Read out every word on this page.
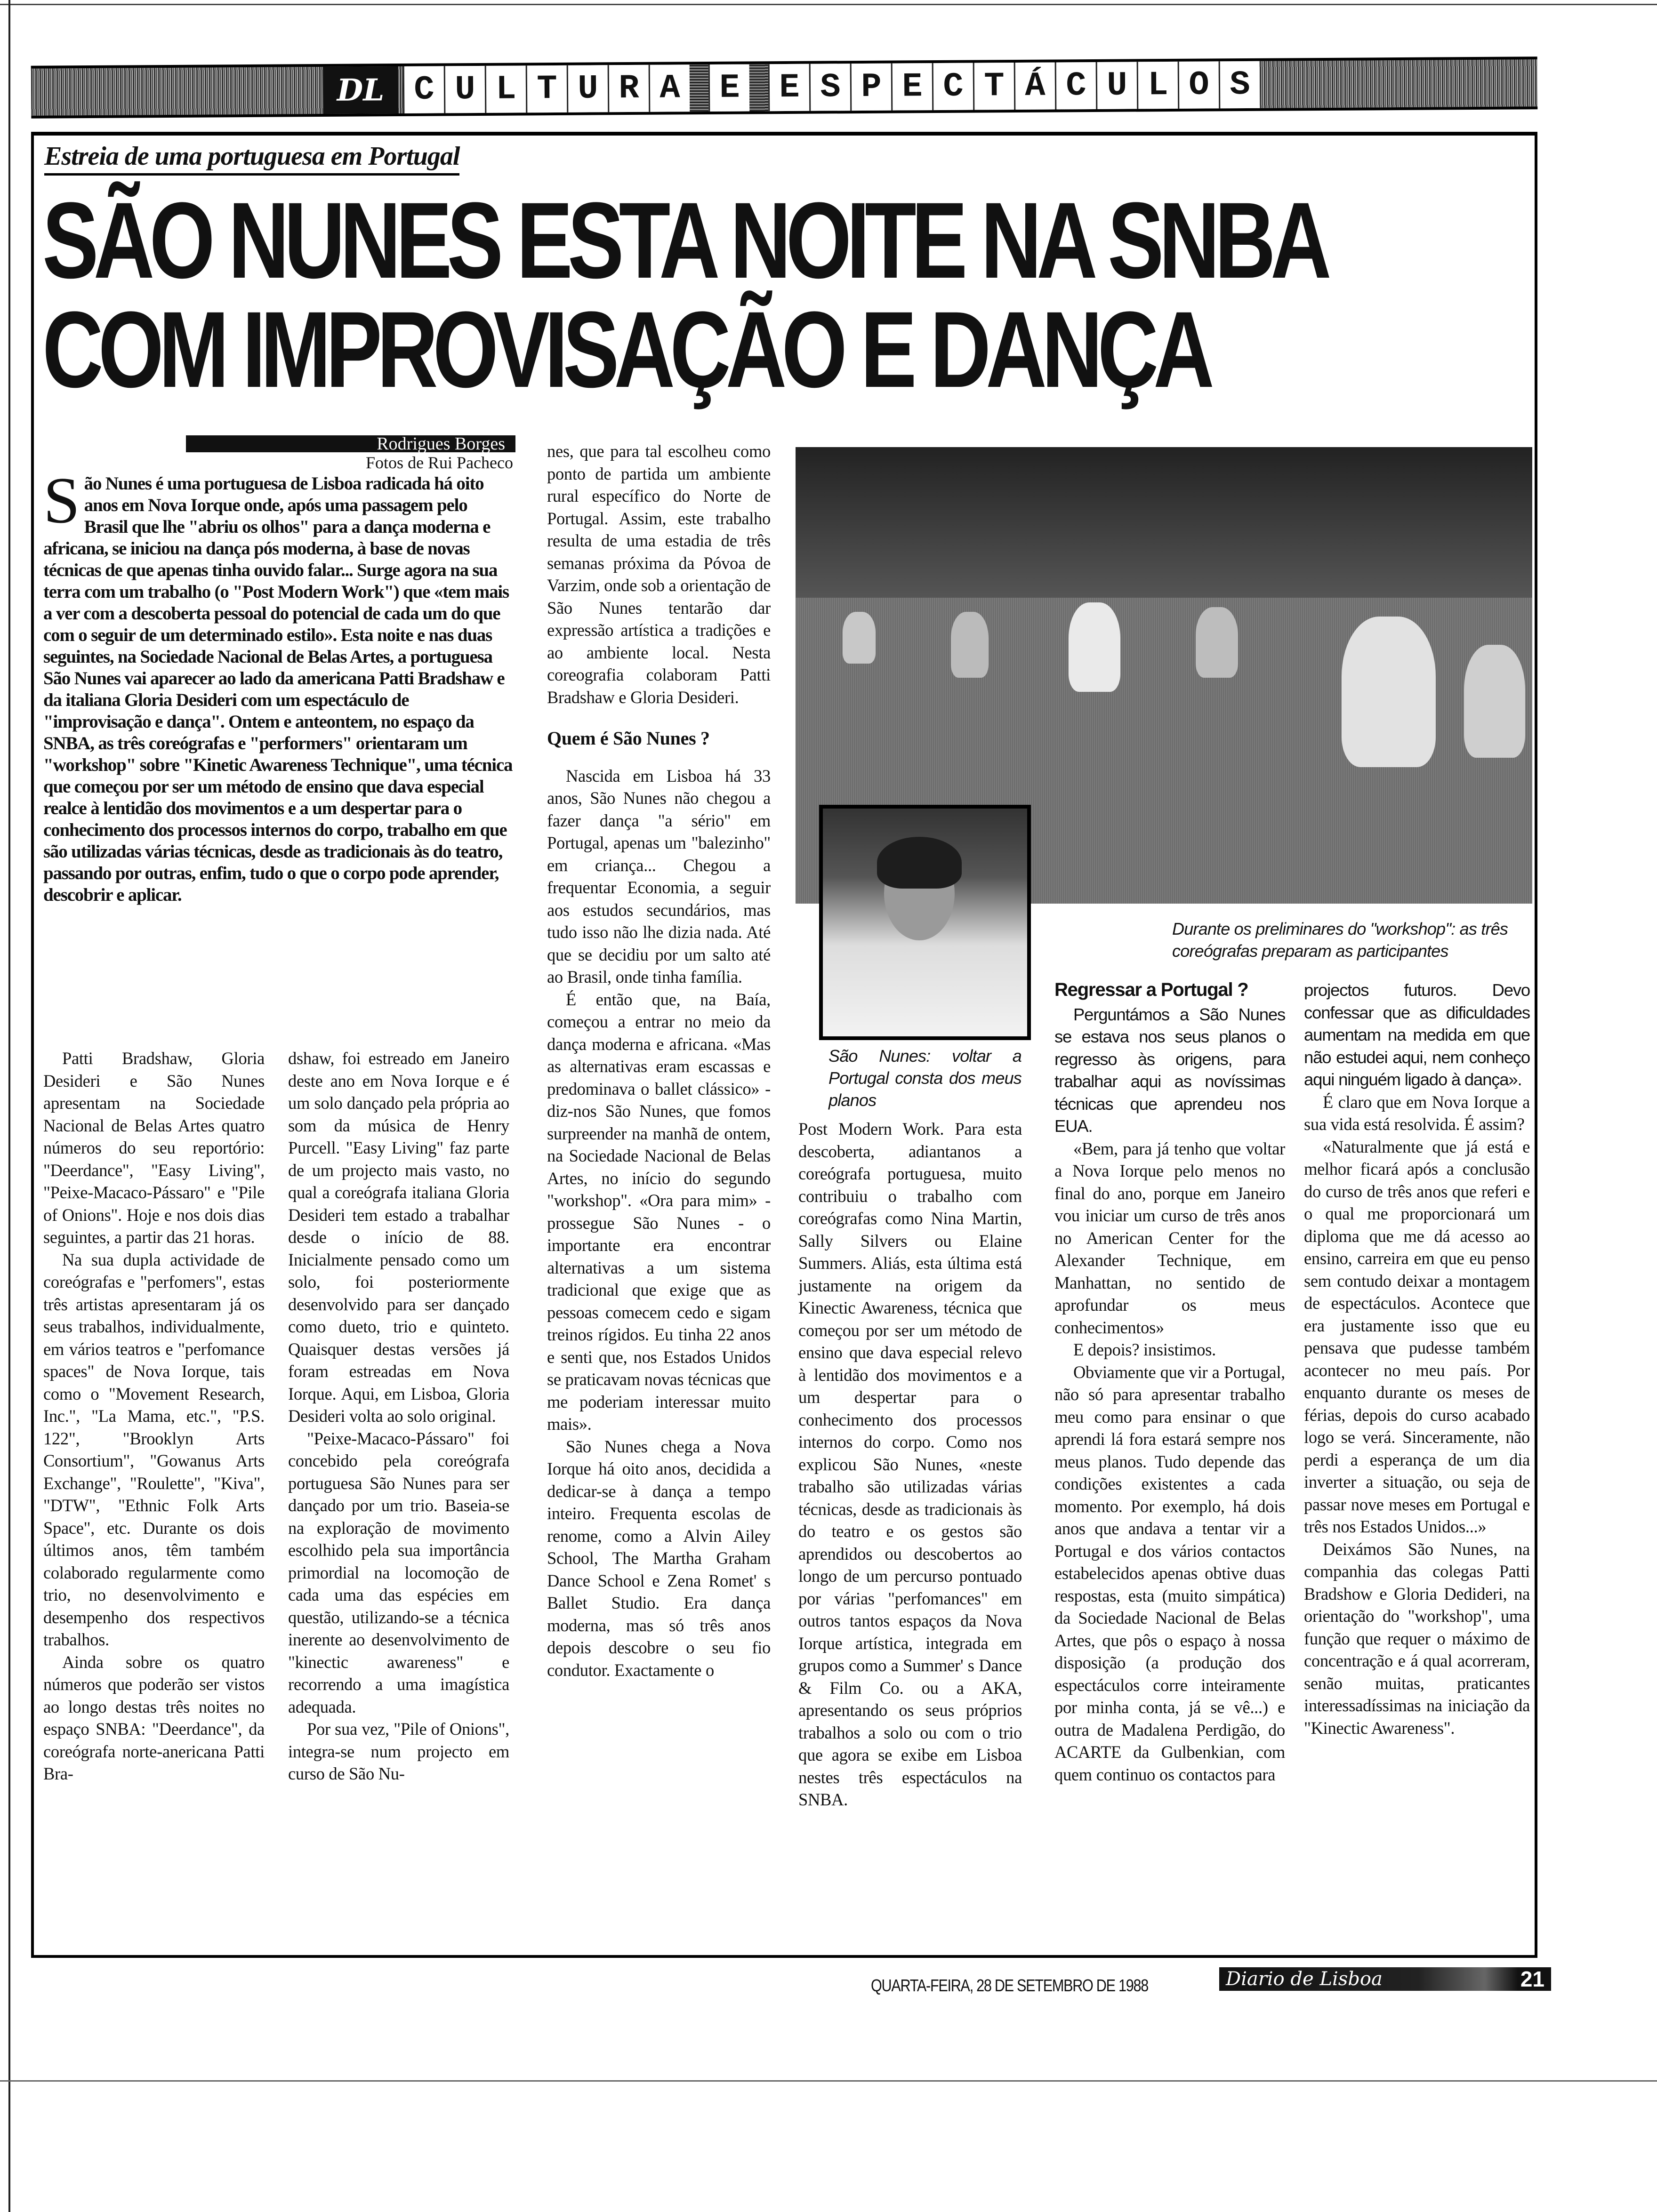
DL C U L T U R A	E	E S P E C T Á C U L O S
Estreia de uma portuguesa em Portugal
SÃO NUNES ESTA NOITE NA SNBA
COM IMPROVISAÇÃO E DANÇA
Rodrigues Borges
Fotos de Rui Pacheco
S ão Nunes é uma portuguesa de Lisboa radicada há oito anos em Nova Iorque onde, após uma passagem pelo Brasil que lhe "abriu os olhos" para a dança moderna e africana, se iniciou na dança pós moderna, à base de novas técnicas de que apenas tinha ouvido falar... Surge agora na sua terra com um trabalho (o "Post Modern Work") que «tem mais a ver com a descoberta pessoal do potencial de cada um do que com o seguir de um determinado estilo». Esta noite e nas duas seguintes, na Sociedade Nacional de Belas Artes, a portuguesa São Nunes vai aparecer ao lado da americana Patti Bradshaw e da italiana Gloria Desideri com um espectáculo de "improvisação e dança". Ontem e anteontem, no espaço da SNBA, as três coreógrafas e "performers" orientaram um "workshop" sobre "Kinetic Awareness Technique", uma técnica que começou por ser um método de ensino que dava especial realce à lentidão dos movimentos e a um despertar para o conhecimento dos processos internos do corpo, trabalho em que são utilizadas várias técnicas, desde as tradicionais às do teatro, passando por outras, enfim, tudo o que o corpo pode aprender, descobrir e aplicar.

Patti Bradshaw, Gloria Desideri e São Nunes apresentam na Sociedade Nacional de Belas Artes quatro números do seu reportório: "Deerdance", "Easy Living", "Peixe-Macaco-Pássaro" e "Pile of Onions". Hoje e nos dois dias seguintes, a partir das 21 horas.

Na sua dupla actividade de coreógrafas e "perfomers", estas três artistas apresentaram já os seus trabalhos, individualmente, em vários teatros e "perfomance spaces" de Nova Iorque, tais como o "Movement Research, Inc.", "La Mama, etc.", "P.S. 122", "Brooklyn Arts Consortium", "Gowanus Arts Exchange", "Roulette", "Kiva", "DTW", "Ethnic Folk Arts Space", etc. Durante os dois últimos anos, têm também colaborado regularmente como trio, no desenvolvimento e desempenho dos respectivos trabalhos.

Ainda sobre os quatro números que poderão ser vistos ao longo destas três noites no espaço SNBA: "Deerdance", da coreógrafa norte-anericana Patti Bra-

dshaw, foi estreado em Janeiro deste ano em Nova Iorque e é um solo dançado pela própria ao som da música de Henry Purcell. "Easy Living" faz parte de um projecto mais vasto, no qual a coreógrafa italiana Gloria Desideri tem estado a trabalhar desde o início de 88. Inicialmente pensado como um solo, foi posteriormente desenvolvido para ser dançado como dueto, trio e quinteto. Quaisquer destas versões já foram estreadas em Nova Iorque. Aqui, em Lisboa, Gloria Desideri volta ao solo original.

"Peixe-Macaco-Pássaro" foi concebido pela coreógrafa portuguesa São Nunes para ser dançado por um trio. Baseia-se na exploração de movimento escolhido pela sua importância primordial na locomoção de cada uma das espécies em questão, utilizando-se a técnica inerente ao desenvolvimento de "kinectic awareness" e recorrendo a uma imagística adequada.

Por sua vez, "Pile of Onions", integra-se num projecto em curso de São Nu-

nes, que para tal escolheu como ponto de partida um ambiente rural específico do Norte de Portugal. Assim, este trabalho resulta de uma estadia de três semanas próxima da Póvoa de Varzim, onde sob a orientação de São Nunes tentarão dar expressão artística a tradições e ao ambiente local. Nesta coreografia colaboram Patti Bradshaw e Gloria Desideri.

Quem é São Nunes ?

Nascida em Lisboa há 33 anos, São Nunes não chegou a fazer dança "a sério" em Portugal, apenas um "balezinho" em criança... Chegou a frequentar Economia, a seguir aos estudos secundários, mas tudo isso não lhe dizia nada. Até que se decidiu por um salto até ao Brasil, onde tinha família.

É então que, na Baía, começou a entrar no meio da dança moderna e africana. «Mas as alternativas eram escassas e predominava o ballet clássico» - diz-nos São Nunes, que fomos surpreender na manhã de ontem, na Sociedade Nacional de Belas Artes, no início do segundo "workshop". «Ora para mim» - prossegue São Nunes - o importante era encontrar alternativas a um sistema tradicional que exige que as pessoas comecem cedo e sigam treinos rígidos. Eu tinha 22 anos e senti que, nos Estados Unidos se praticavam novas técnicas que me poderiam interessar muito mais».

São Nunes chega a Nova Iorque há oito anos, decidida a dedicar-se à dança a tempo inteiro. Frequenta escolas de renome, como a Alvin Ailey School, The Martha Graham Dance School e Zena Romet' s Ballet Studio. Era dança moderna, mas só três anos depois descobre o seu fio condutor. Exactamente o

Durante os preliminares do "workshop": as três coreógrafas preparam as participantes
São Nunes: voltar a Portugal consta dos meus planos

Post Modern Work. Para esta descoberta, adiantanos a coreógrafa portuguesa, muito contribuiu o trabalho com coreógrafas como Nina Martin, Sally Silvers ou Elaine Summers. Aliás, esta última está justamente na origem da Kinectic Awareness, técnica que começou por ser um método de ensino que dava especial relevo à lentidão dos movimentos e a um despertar para o conhecimento dos processos internos do corpo. Como nos explicou São Nunes, «neste trabalho são utilizadas várias técnicas, desde as tradicionais às do teatro e os gestos são aprendidos ou descobertos ao longo de um percurso pontuado por várias "perfomances" em outros tantos espaços da Nova Iorque artística, integrada em grupos como a Summer' s Dance & Film Co. ou a AKA, apresentando os seus próprios trabalhos a solo ou com o trio que agora se exibe em Lisboa nestes três espectáculos na SNBA.

Regressar a Portugal ?

Perguntámos a São Nunes se estava nos seus planos o regresso às origens, para trabalhar aqui as novíssimas técnicas que aprendeu nos EUA.

«Bem, para já tenho que voltar a Nova Iorque pelo menos no final do ano, porque em Janeiro vou iniciar um curso de três anos no American Center for the Alexander Technique, em Manhattan, no sentido de aprofundar os meus conhecimentos»

E depois? insistimos.

Obviamente que vir a Portugal, não só para apresentar trabalho meu como para ensinar o que aprendi lá fora estará sempre nos meus planos. Tudo depende das condições existentes a cada momento. Por exemplo, há dois anos que andava a tentar vir a Portugal e dos vários contactos estabelecidos apenas obtive duas respostas, esta (muito simpática) da Sociedade Nacional de Belas Artes, que pôs o espaço à nossa disposição (a produção dos espectáculos corre inteiramente por minha conta, já se vê...) e outra de Madalena Perdigão, do ACARTE da Gulbenkian, com quem continuo os contactos para

projectos futuros. Devo confessar que as dificuldades aumentam na medida em que não estudei aqui, nem conheço aqui ninguém ligado à dança».

É claro que em Nova Iorque a sua vida está resolvida. É assim?

«Naturalmente que já está e melhor ficará após a conclusão do curso de três anos que referi e o qual me proporcionará um diploma que me dá acesso ao ensino, carreira em que eu penso sem contudo deixar a montagem de espectáculos. Acontece que era justamente isso que eu pensava que pudesse também acontecer no meu país. Por enquanto durante os meses de férias, depois do curso acabado logo se verá. Sinceramente, não perdi a esperança de um dia inverter a situação, ou seja de passar nove meses em Portugal e três nos Estados Unidos...»

Deixámos São Nunes, na companhia das colegas Patti Bradshow e Gloria Dedideri, na orientação do "workshop", uma função que requer o máximo de concentração e á qual acorreram, senão muitas, praticantes interessadíssimas na iniciação da "Kinectic Awareness".

QUARTA-FEIRA, 28 DE SETEMBRO DE 1988	Diario de Lisboa	21
